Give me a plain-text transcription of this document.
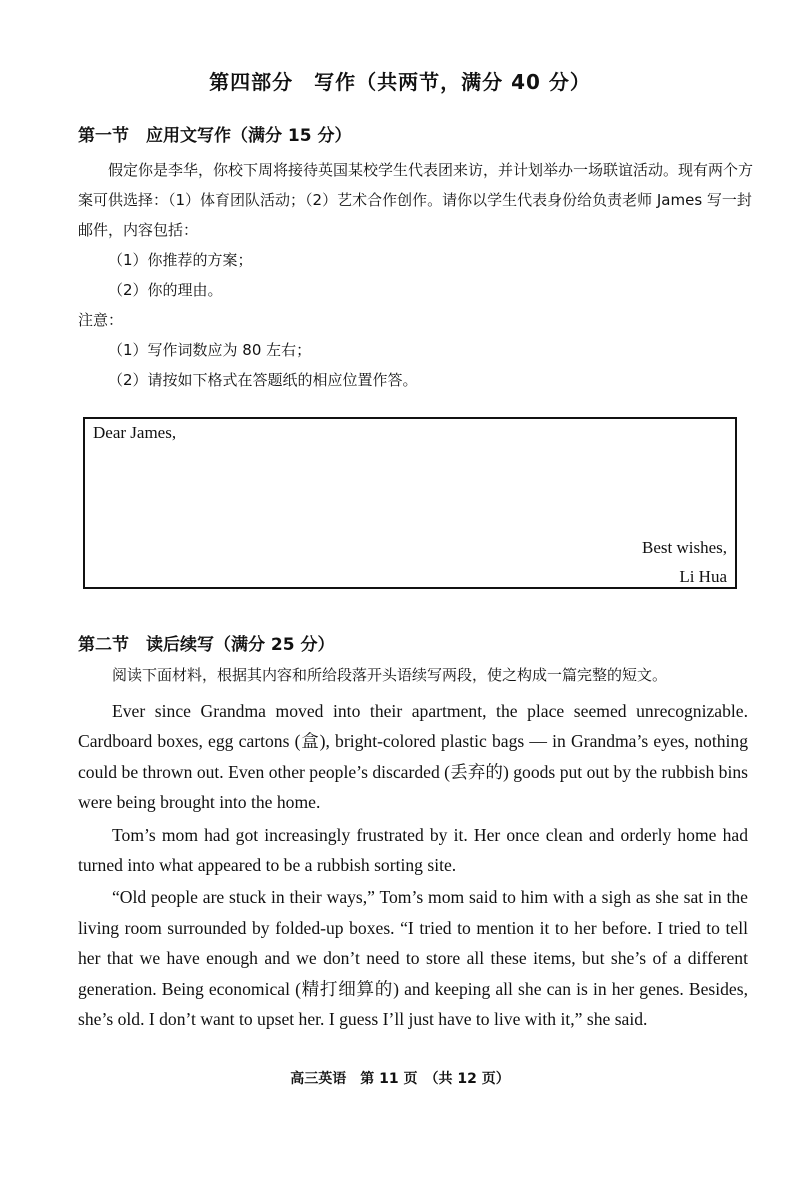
第四部分　写作（共两节，满分 40 分）
第一节　应用文写作（满分 15 分）

假定你是李华，你校下周将接待英国某校学生代表团来访，并计划举办一场联谊活动。现有两个方案可供选择：（1）体育团队活动；（2）艺术合作创作。请你以学生代表身份给负责老师 James 写一封邮件，内容包括：

（1）你推荐的方案；

（2）你的理由。

注意：

（1）写作词数应为 80 左右；

（2）请按如下格式在答题纸的相应位置作答。

Dear James,
Best wishes,
Li Hua
第二节　读后续写（满分 25 分）
阅读下面材料，根据其内容和所给段落开头语续写两段，使之构成一篇完整的短文。

Ever since Grandma moved into their apartment, the place seemed unrecognizable. Cardboard boxes, egg cartons (盒), bright-colored plastic bags — in Grandma’s eyes, nothing could be thrown out. Even other people’s discarded (丢弃的) goods put out by the rubbish bins were being brought into the home.

Tom’s mom had got increasingly frustrated by it. Her once clean and orderly home had turned into what appeared to be a rubbish sorting site.

“Old people are stuck in their ways,” Tom’s mom said to him with a sigh as she sat in the living room surrounded by folded-up boxes. “I tried to mention it to her before. I tried to tell her that we have enough and we don’t need to store all these items, but she’s of a different generation. Being economical (精打细算的) and keeping all she can is in her genes. Besides, she’s old. I don’t want to upset her. I guess I’ll just have to live with it,” she said.

高三英语　第 11 页　（共 12 页）
